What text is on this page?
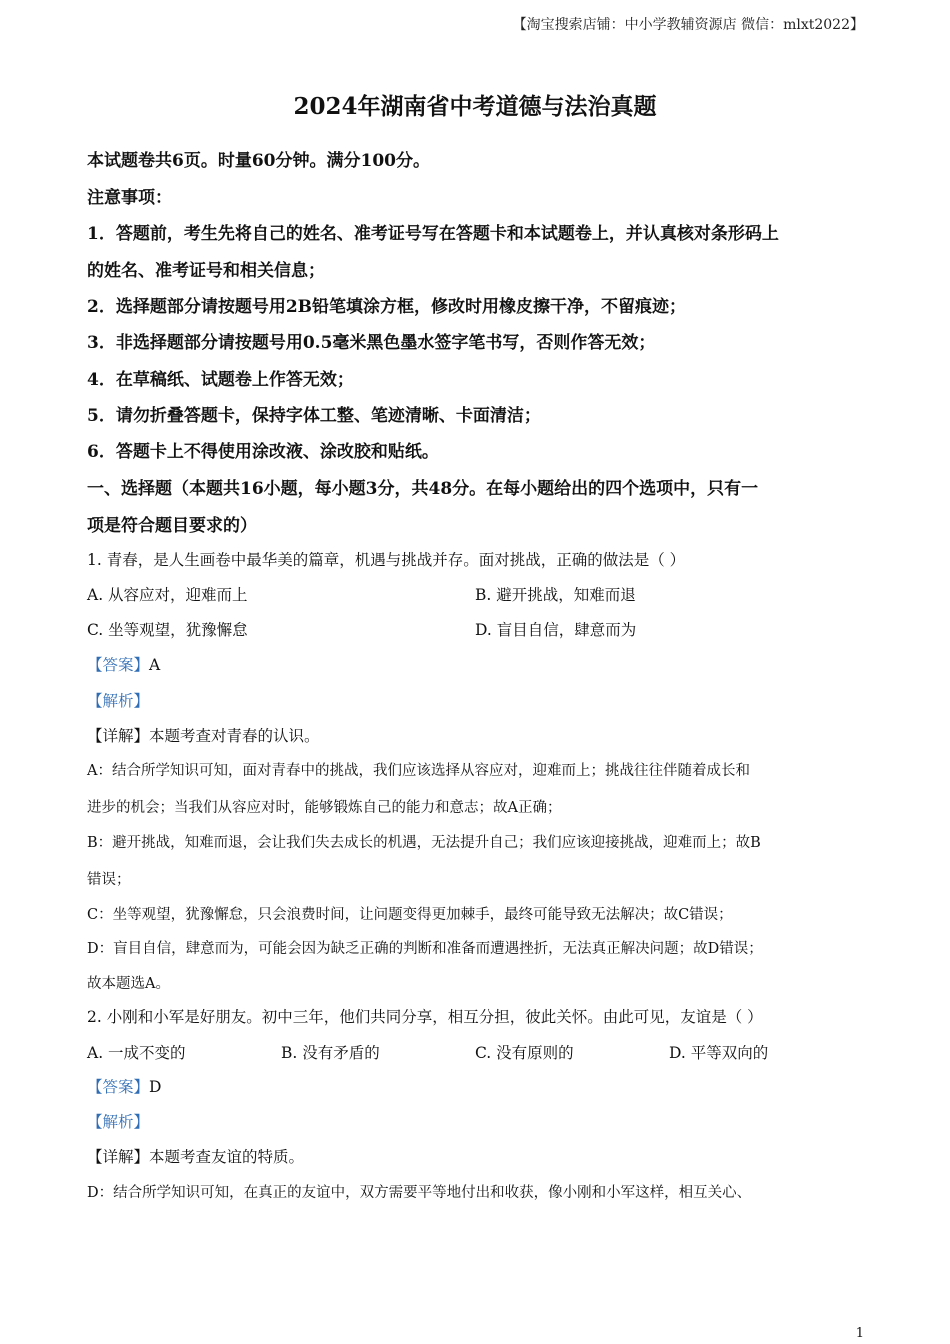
【淘宝搜索店铺：中小学教辅资源店 微信：mlxt2022】
2024年湖南省中考道德与法治真题
本试题卷共6页。时量60分钟。满分100分。
注意事项：
1．答题前，考生先将自己的姓名、准考证号写在答题卡和本试题卷上，并认真核对条形码上
的姓名、准考证号和相关信息；
2．选择题部分请按题号用2B铅笔填涂方框，修改时用橡皮擦干净，不留痕迹；
3．非选择题部分请按题号用0.5毫米黑色墨水签字笔书写，否则作答无效；
4．在草稿纸、试题卷上作答无效；
5．请勿折叠答题卡，保持字体工整、笔迹清晰、卡面清洁；
6．答题卡上不得使用涂改液、涂改胶和贴纸。
一、选择题（本题共16小题，每小题3分，共48分。在每小题给出的四个选项中，只有一
项是符合题目要求的）
1. 青春，是人生画卷中最华美的篇章，机遇与挑战并存。面对挑战，正确的做法是（ ）
A. 从容应对，迎难而上	B. 避开挑战，知难而退
C. 坐等观望，犹豫懈怠	D. 盲目自信，肆意而为
【答案】A
【解析】
【详解】本题考查对青春的认识。
A：结合所学知识可知，面对青春中的挑战，我们应该选择从容应对，迎难而上；挑战往往伴随着成长和
进步的机会；当我们从容应对时，能够锻炼自己的能力和意志；故A正确；
B：避开挑战，知难而退，会让我们失去成长的机遇，无法提升自己；我们应该迎接挑战，迎难而上；故B
错误；
C：坐等观望，犹豫懈怠，只会浪费时间，让问题变得更加棘手，最终可能导致无法解决；故C错误；
D：盲目自信，肆意而为，可能会因为缺乏正确的判断和准备而遭遇挫折，无法真正解决问题；故D错误；
故本题选A。
2. 小刚和小军是好朋友。初中三年，他们共同分享，相互分担，彼此关怀。由此可见，友谊是（ ）
A. 一成不变的	B. 没有矛盾的	C. 没有原则的	D. 平等双向的
【答案】D
【解析】
【详解】本题考查友谊的特质。
D：结合所学知识可知，在真正的友谊中，双方需要平等地付出和收获，像小刚和小军这样，相互关心、
1
